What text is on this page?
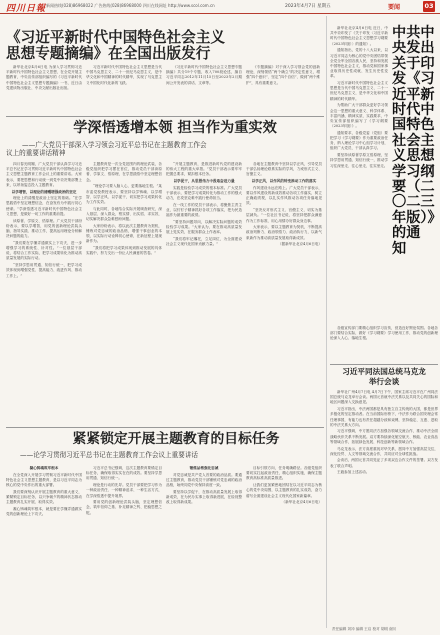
四川日報 新闻热线(028)86968022 广告热线(028)86968000 四川在线网址 http://www.scol.com.cn	2023年4月7日 星期五	要闻	03
《习近平新时代中国特色社会主义
思想专题摘编》在全国出版发行

新华社北京4月6日电 为深入学习贯彻习近平新时代中国特色社会主义思想，在全党开展主题教育，中央宣传部组织编写的《习近平新时代中国特色社会主义思想专题摘编》一书，近日由党建读物出版社、中央文献出版社出版。

习近平新时代中国特色社会主义思想是当代中国马克思主义、二十一世纪马克思主义，是中华文化和中国精神的时代精华，实现了马克思主义中国化时代化新的飞跃。

《习近平新时代中国特色社会主义思想专题摘编》共分19个专题，收入700段论述，摘自习近平同志2012年11月15日至2023年2月期间公开发表的讲话、文章等。

《专题摘编》对于深入学习领会党的创新理论，深刻领悟“两个确立”的决定性意义，增强“四个意识”、坚定“四个自信”、做到“两个维护”，具有重要意义。

学深悟透增本领 担当作为重实效
——广大党员干部深入学习领会习近平总书记在主题教育工作会
议上的重要讲话精神

四月春光明媚，广大党员干部认真学习习近平总书记在学习贯彻习近平新时代中国特色社会主义思想主题教育工作会议上的重要讲话。大家表示，要把思想和行动统一到党中央决策部署上来，以昂扬姿态投入主题教育。

以学增智，以理论的清醒增强政治的坚定

理论上的清醒是政治上坚定的基础。“在学思践悟中坚定理想信念，在奋发有为中践行初心使命。”学深悟透习近平新时代中国特色社会主义思想，是做好一切工作的重要前提。

读原著、学原文、悟原理。广大党员干部纷纷表示，要以学增智，用党的创新理论武装头脑、指导实践、推动工作，提高运用理论分析解决问题的能力。

“我们要在学懂弄通做实上下功夫，进一步增强学习的系统性、针对性。”一位基层干部说，将结合工作实际，把学习成果转化为推动高质量发展的实际行动。

“坚持学思用贯通、知信行统一，把学习成效体现到增强党性、提高能力、改进作风、推动工作上。”

主题教育是一次全党范围内的理论武装，各级党组织把学习摆在首位，推动党员干部读原著、学原文、悟原理，在学思践悟中坚定理想信念。

“理论学习要入脑入心，更要落地生根。”某市委党校教授表示，要坚持以学铸魂、以学增智、以学正风、以学促干，切实把学习成果转化为工作实效。

与此同时，各地结合实际开展调查研究，深入基层、深入群众，察实情、出实招、求实效，切实解决群众急难愁盼问题。

大家纷纷表示，将以此次主题教育为契机，锤炼对党忠诚的政治品格，增强干事创业的本领，以实际行动诠释初心使命，在新征程上展现新作为。

“我们将把学习成果体现到推动发展的具体实践中，努力交出一份让人民满意的答卷。”

“开展主题教育，是推进新时代党的建设新的伟大工程的重大举措。”党员干部表示要牢牢把握总要求，紧扣根本任务。

以学促干，从思想伟力中汲取奋进力量

实践是检验学习成效的根本标准。广大党员干部表示，要把学习成果转化为推动工作的强大动力，在攻坚克难中践行使命担当。

在一线工作的党员干部表示，将聚焦主责主业，以钉钉子精神抓好各项工作落实，把为民造福作为最重要的政绩。

“要坚持问题导向，以解决实际问题的成效检验学习成果。”大家认为，要在推动高质量发展上见实效，在服务群众上作表率。

“我们将牢记嘱托，立足岗位，为全面建设社会主义现代化国家贡献力量。”

各地在主题教育中坚持以学正风，引导党员干部弘扬理论联系实际的学风，力戒形式主义、官僚主义。

以学正风，以作风的转变推动工作的落实

作风建设永远在路上。广大党员干部表示，要以作风建设的新成效推动各项工作落实，树立正确政绩观，以扎实作风推动各项任务落地见效。

“坚决反对形式主义、官僚主义，切实为基层减负。”一位社区书记说，将坚持把群众满意作为工作标准，用心用情办好群众身边事。

大家表示，要以主题教育为契机，不断提高政治判断力、政治领悟力、政治执行力，以新气象新作为推动高质量发展取得新成效。

（据新华社北京4月6日电）

紧紧锁定开展主题教育的目标任务
——论学习贯彻习近平总书记在主题教育工作会议上重要讲话

凝心铸魂筑牢根本

在全党深入开展学习贯彻习近平新时代中国特色社会主义思想主题教育，是以习近平同志为核心的党中央作出的重大部署。

我们要深刻认识开展主题教育的重大意义，紧紧锁定目标任务，以只争朝夕的精神状态推动主题教育扎实开展、取得实效。

凝心铸魂筑牢根本，就是要在学懂弄通做实党的创新理论上下功夫。

习近平总书记强调，这次主题教育要锚定目标任务，确保取得实实在在的成效。要坚持学思用贯通、知信行统一。

理论是行动的先导。党员干部要把学习作为一种政治责任、一种精神追求、一种生活方式，在学深悟透中提升境界。

要用党的创新理论武装头脑，坚定理想信念，筑牢信仰之基、补足精神之钙、把稳思想之舵。

锤炼品格强化忠诚

对党忠诚是共产党人首要的政治品质。要通过主题教育，推动党员干部锤炼对党忠诚的政治品格，始终同党中央保持高度一致。

要坚持以学促干，在推动高质量发展上取得新成效，在为民办实事上取得新进展，在检视整改上取得新成果。

目标引领方向，任务明确路径。各级党组织要切实扛起政治责任，精心组织实施，确保主题教育高标准高质量推进。

让我们更加紧密地团结在以习近平同志为核心的党中央周围，以主题教育的扎实成效，奋力谱写全面建设社会主义现代化国家新篇章。

（新华社北京4月6日电）

中共中央发出
关于印发《习
近平新时代中
国特色社会主
义思想学习纲
要（二〇二三
年版）》的通
知

新华社北京4月6日电 近日，中共中央印发了《关于印发〈习近平新时代中国特色社会主义思想学习纲要（2023年版）〉的通知》。

通知指出，党的十八大以来，以习近平同志为核心的党中央团结带领全党全军全国各族人民，坚持和发展中国特色社会主义，推动党和国家事业取得历史性成就、发生历史性变革。

习近平新时代中国特色社会主义思想是当代中国马克思主义、二十一世纪马克思主义，是中华文化和中国精神的时代精华。

为帮助广大干部群众更好学习领会这一思想的重大意义、科学体系、丰富内涵、精神实质、实践要求，中央宣传部组织编写了《学习纲要（2023年版）》。

通知要求，各级党委（党组）要把学习《学习纲要》作为重要政治任务，纳入理论学习中心组学习计划，组织广大党员、干部认真学习。

要坚持读原著学原文悟原理，坚持学思用贯通、知信行统一，推动学习往深里走、往心里走、往实里走。

各级宣传部门要精心组织学习宣传，营造良好舆论氛围。各地各部门要结合实际，做好《学习纲要》学习使用工作，推动党的创新理论深入人心、落地生根。

习近平同法国总统马克龙
举行会谈

新华社广州4月7日电 4月7日下午，国家主席习近平在广州同法国总统马克龙举行会谈。两国元首就中法关系以及共同关心的国际和地区问题深入交换意见。

习近平指出，中法两国都是具有独立自主传统的大国，都是世界多极化的坚定推动者。在当前国际形势下，中法作为联合国安理会常任理事国，有能力也有责任超越分歧和束缚，坚持稳定、互惠、进取的中法关系大方向。

习近平强调，中方愿同法方加强各领域交流合作，推动中法全面战略伙伴关系不断发展。双方要持续深化航空航天、核能、农业食品等领域合作，拓展绿色发展、科技创新等新领域合作。

马克龙表示，法方高度重视对华关系，愿同中方加强高层交往，深化经贸、人文等领域交流合作，共同应对全球性挑战。

会谈后，两国元首共同见证了多项双边合作文件的签署。双方发表了联合声明。

王毅参加上述活动。

责任编辑 刘冲 编辑 王启 校对 胡明 谢川
